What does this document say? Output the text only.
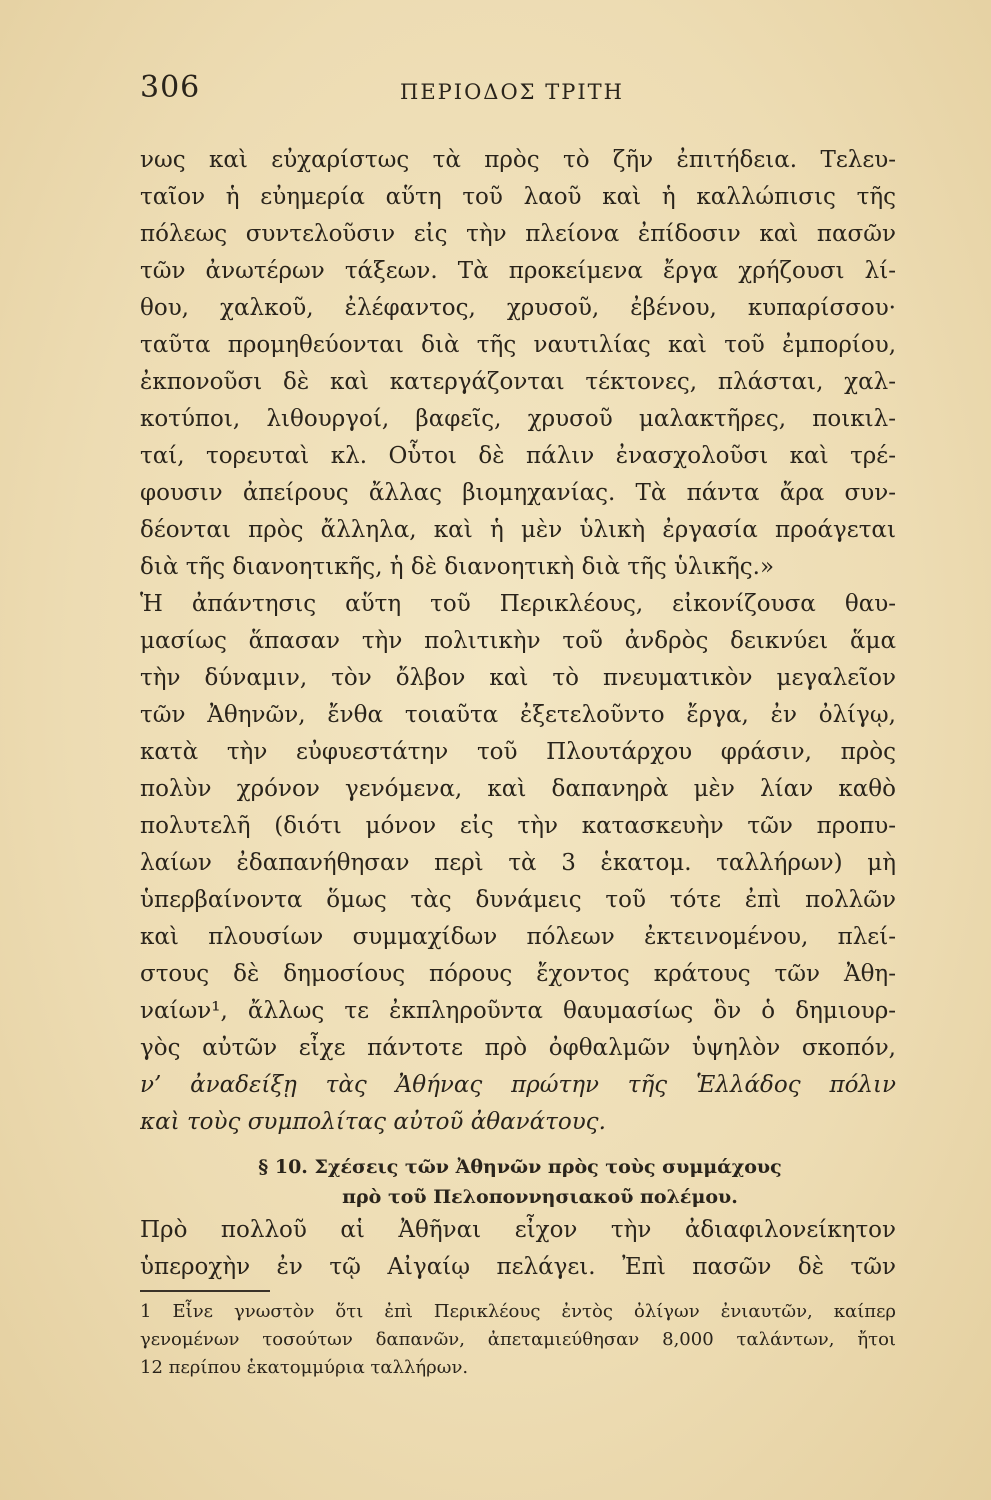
306	ΠΕΡΙΟΔΟΣ ΤΡΙΤΗ
νως καὶ εὐχαρίστως τὰ πρὸς τὸ ζῆν ἐπιτήδεια. Τελευ-
ταῖον ἡ εὐημερία αὕτη τοῦ λαοῦ καὶ ἡ καλλώπισις τῆς
πόλεως συντελοῦσιν εἰς τὴν πλείονα ἐπίδοσιν καὶ πασῶν
τῶν ἀνωτέρων τάξεων. Τὰ προκείμενα ἔργα χρήζουσι λί-
θου, χαλκοῦ, ἐλέφαντος, χρυσοῦ, ἐβένου, κυπαρίσσου·
ταῦτα προμηθεύονται διὰ τῆς ναυτιλίας καὶ τοῦ ἐμπορίου,
ἐκπονοῦσι δὲ καὶ κατεργάζονται τέκτονες, πλάσται, χαλ-
κοτύποι, λιθουργοί, βαφεῖς, χρυσοῦ μαλακτῆρες, ποικιλ-
ταί, τορευταὶ κλ. Οὗτοι δὲ πάλιν ἐνασχολοῦσι καὶ τρέ-
φουσιν ἀπείρους ἄλλας βιομηχανίας. Τὰ πάντα ἄρα συν-
δέονται πρὸς ἄλληλα, καὶ ἡ μὲν ὑλικὴ ἐργασία προάγεται
διὰ τῆς διανοητικῆς, ἡ δὲ διανοητικὴ διὰ τῆς ὑλικῆς.»
Ἡ ἀπάντησις αὕτη τοῦ Περικλέους, εἰκονίζουσα θαυ-
μασίως ἅπασαν τὴν πολιτικὴν τοῦ ἀνδρὸς δεικνύει ἅμα
τὴν δύναμιν, τὸν ὄλβον καὶ τὸ πνευματικὸν μεγαλεῖον
τῶν Ἀθηνῶν, ἔνθα τοιαῦτα ἐξετελοῦντο ἔργα, ἐν ὀλίγῳ,
κατὰ τὴν εὐφυεστάτην τοῦ Πλουτάρχου φράσιν, πρὸς
πολὺν χρόνον γενόμενα, καὶ δαπανηρὰ μὲν λίαν καθὸ
πολυτελῆ (διότι μόνον εἰς τὴν κατασκευὴν τῶν προπυ-
λαίων ἐδαπανήθησαν περὶ τὰ 3 ἑκατομ. ταλλήρων) μὴ
ὑπερβαίνοντα ὅμως τὰς δυνάμεις τοῦ τότε ἐπὶ πολλῶν
καὶ πλουσίων συμμαχίδων πόλεων ἐκτεινομένου, πλεί-
στους δὲ δημοσίους πόρους ἔχοντος κράτους τῶν Ἀθη-
ναίων¹, ἄλλως τε ἐκπληροῦντα θαυμασίως ὃν ὁ δημιουρ-
γὸς αὐτῶν εἶχε πάντοτε πρὸ ὀφθαλμῶν ὑψηλὸν σκοπόν,
ν’ ἀναδείξῃ τὰς Ἀθήνας πρώτην τῆς Ἑλλάδος πόλιν
καὶ τοὺς συμπολίτας αὐτοῦ ἀθανάτους.
§ 10. Σχέσεις τῶν Ἀθηνῶν πρὸς τοὺς συμμάχους
πρὸ τοῦ Πελοποννησιακοῦ πολέμου.
Πρὸ πολλοῦ αἱ Ἀθῆναι εἶχον τὴν ἀδιαφιλονείκητον
ὑπεροχὴν ἐν τῷ Αἰγαίῳ πελάγει. Ἐπὶ πασῶν δὲ τῶν
1 Εἶνε γνωστὸν ὅτι ἐπὶ Περικλέους ἐντὸς ὀλίγων ἐνιαυτῶν, καίπερ
γενομένων τοσούτων δαπανῶν, ἀπεταμιεύθησαν 8,000 ταλάντων, ἤτοι
12 περίπου ἑκατομμύρια ταλλήρων.
